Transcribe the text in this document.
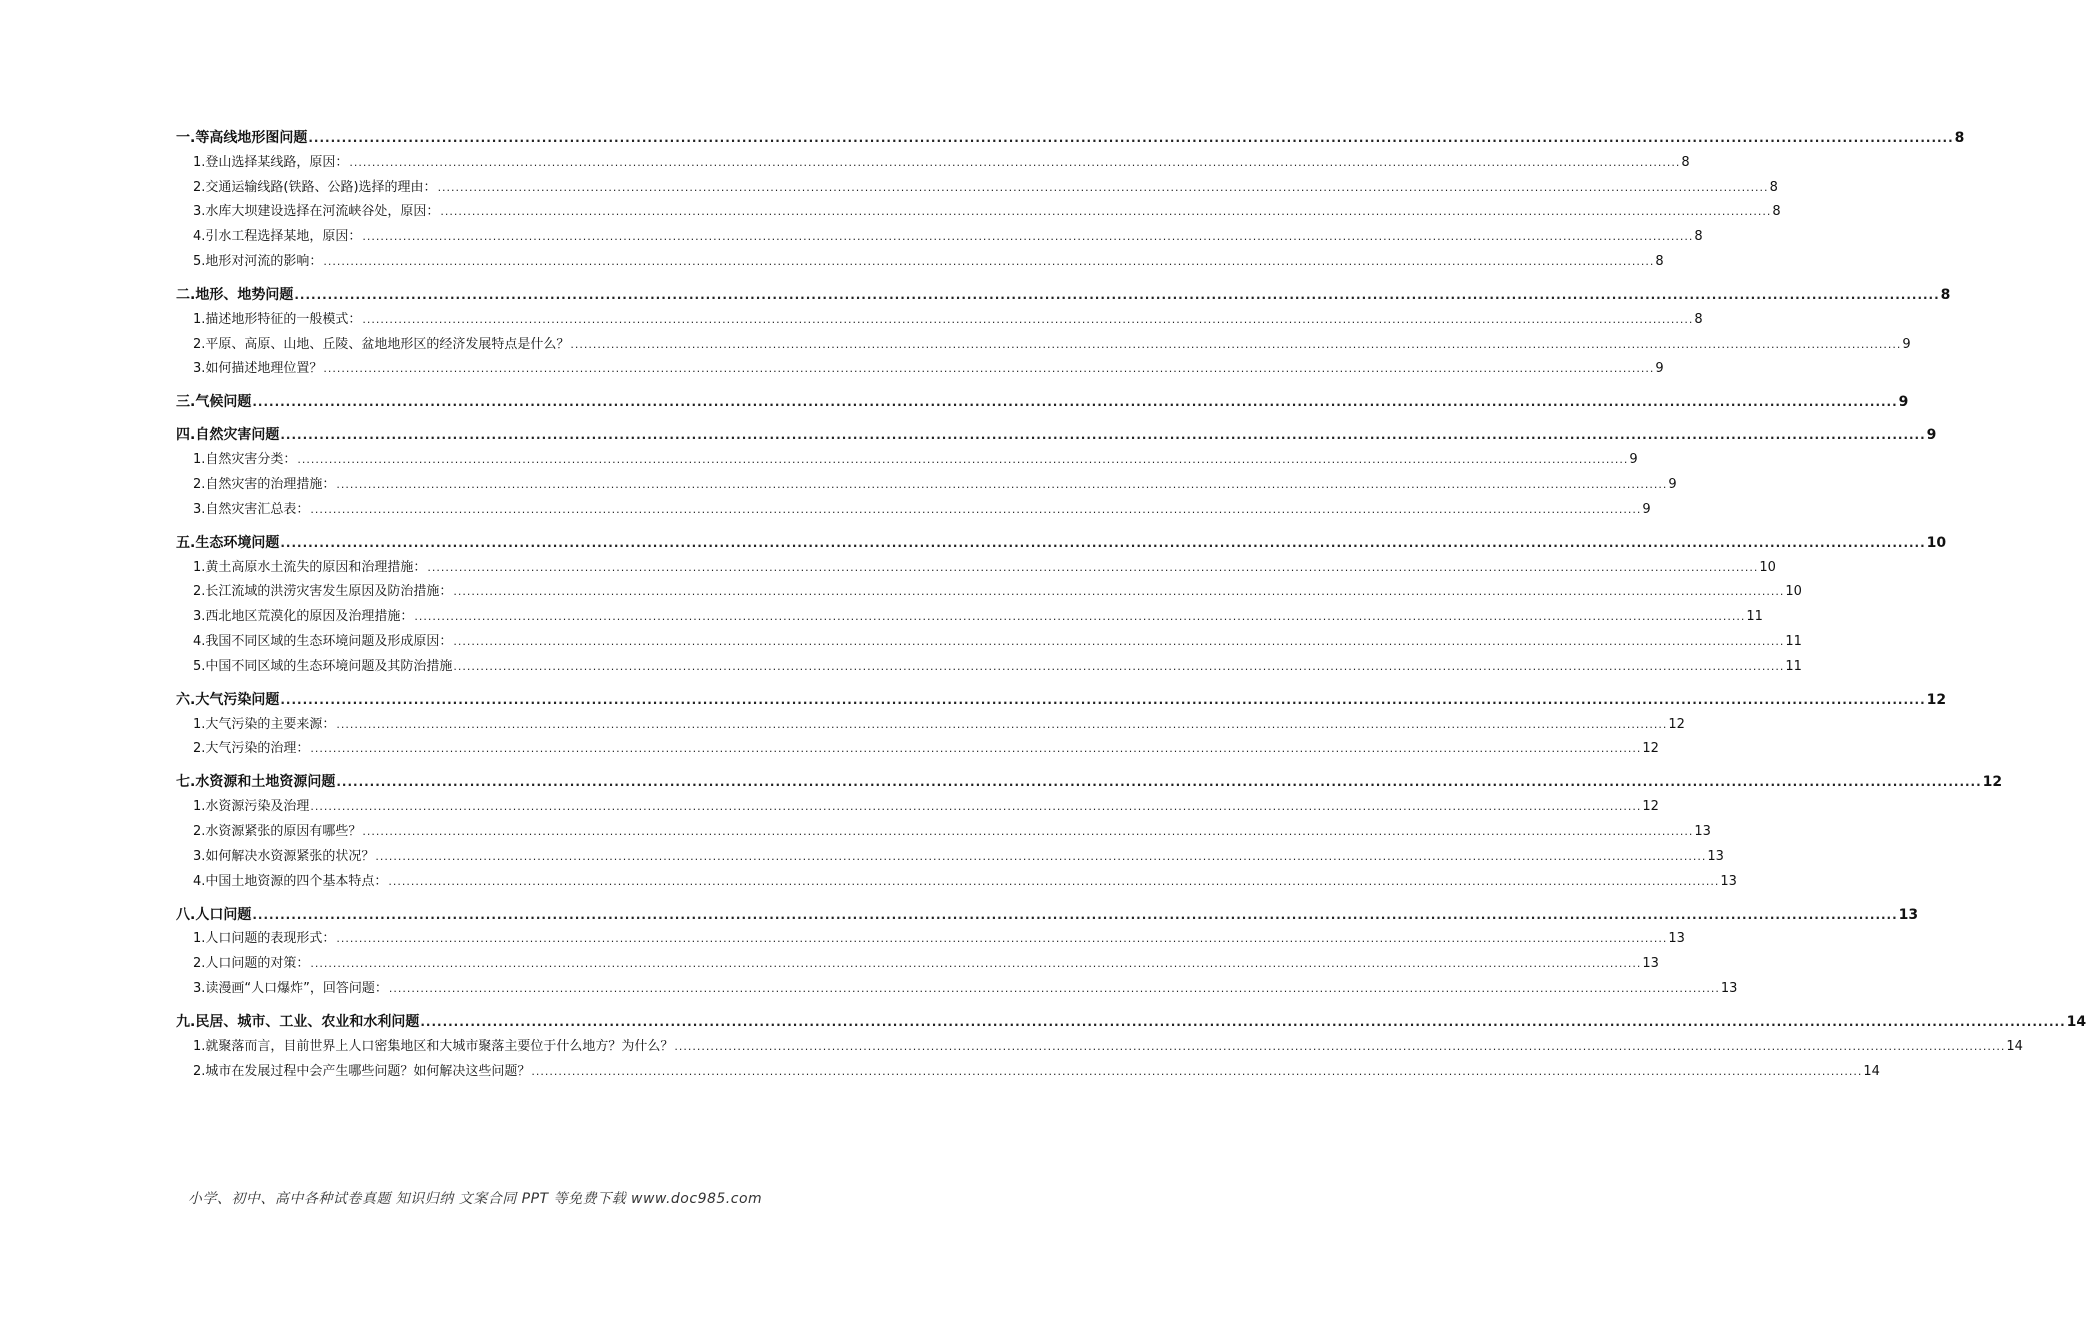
一.等高线地形图问题 .....	8
1.登山选择某线路，原因： .....	8
2.交通运输线路(铁路、公路)选择的理由： .....	8
3.水库大坝建设选择在河流峡谷处，原因： .....	8
4.引水工程选择某地，原因： .....	8
5.地形对河流的影响： .....	8
二.地形、地势问题 .....	8
1.描述地形特征的一般模式： .....	8
2.平原、高原、山地、丘陵、盆地地形区的经济发展特点是什么？ .....	9
3.如何描述地理位置？ .....	9
三.气候问题 .....	9
四.自然灾害问题 .....	9
1.自然灾害分类： .....	9
2.自然灾害的治理措施： .....	9
3.自然灾害汇总表： .....	9
五.生态环境问题 .....	10
1.黄土高原水土流失的原因和治理措施： .....	10
2.长江流域的洪涝灾害发生原因及防治措施： .....	10
3.西北地区荒漠化的原因及治理措施： .....	11
4.我国不同区域的生态环境问题及形成原因： .....	11
5.中国不同区域的生态环境问题及其防治措施 .....	11
六.大气污染问题 .....	12
1.大气污染的主要来源： .....	12
2.大气污染的治理： .....	12
七.水资源和土地资源问题 .....	12
1.水资源污染及治理 .....	12
2.水资源紧张的原因有哪些？ .....	13
3.如何解决水资源紧张的状况？ .....	13
4.中国土地资源的四个基本特点： .....	13
八.人口问题 .....	13
1.人口问题的表现形式： .....	13
2.人口问题的对策： .....	13
3.读漫画“人口爆炸”，回答问题： .....	13
九.民居、城市、工业、农业和水利问题 .....	14
1.就聚落而言，目前世界上人口密集地区和大城市聚落主要位于什么地方？为什么？ .....	14
2.城市在发展过程中会产生哪些问题？如何解决这些问题？ .....	14
小学、初中、高中各种试卷真题 知识归纳 文案合同 PPT 等免费下载 www.doc985.com
